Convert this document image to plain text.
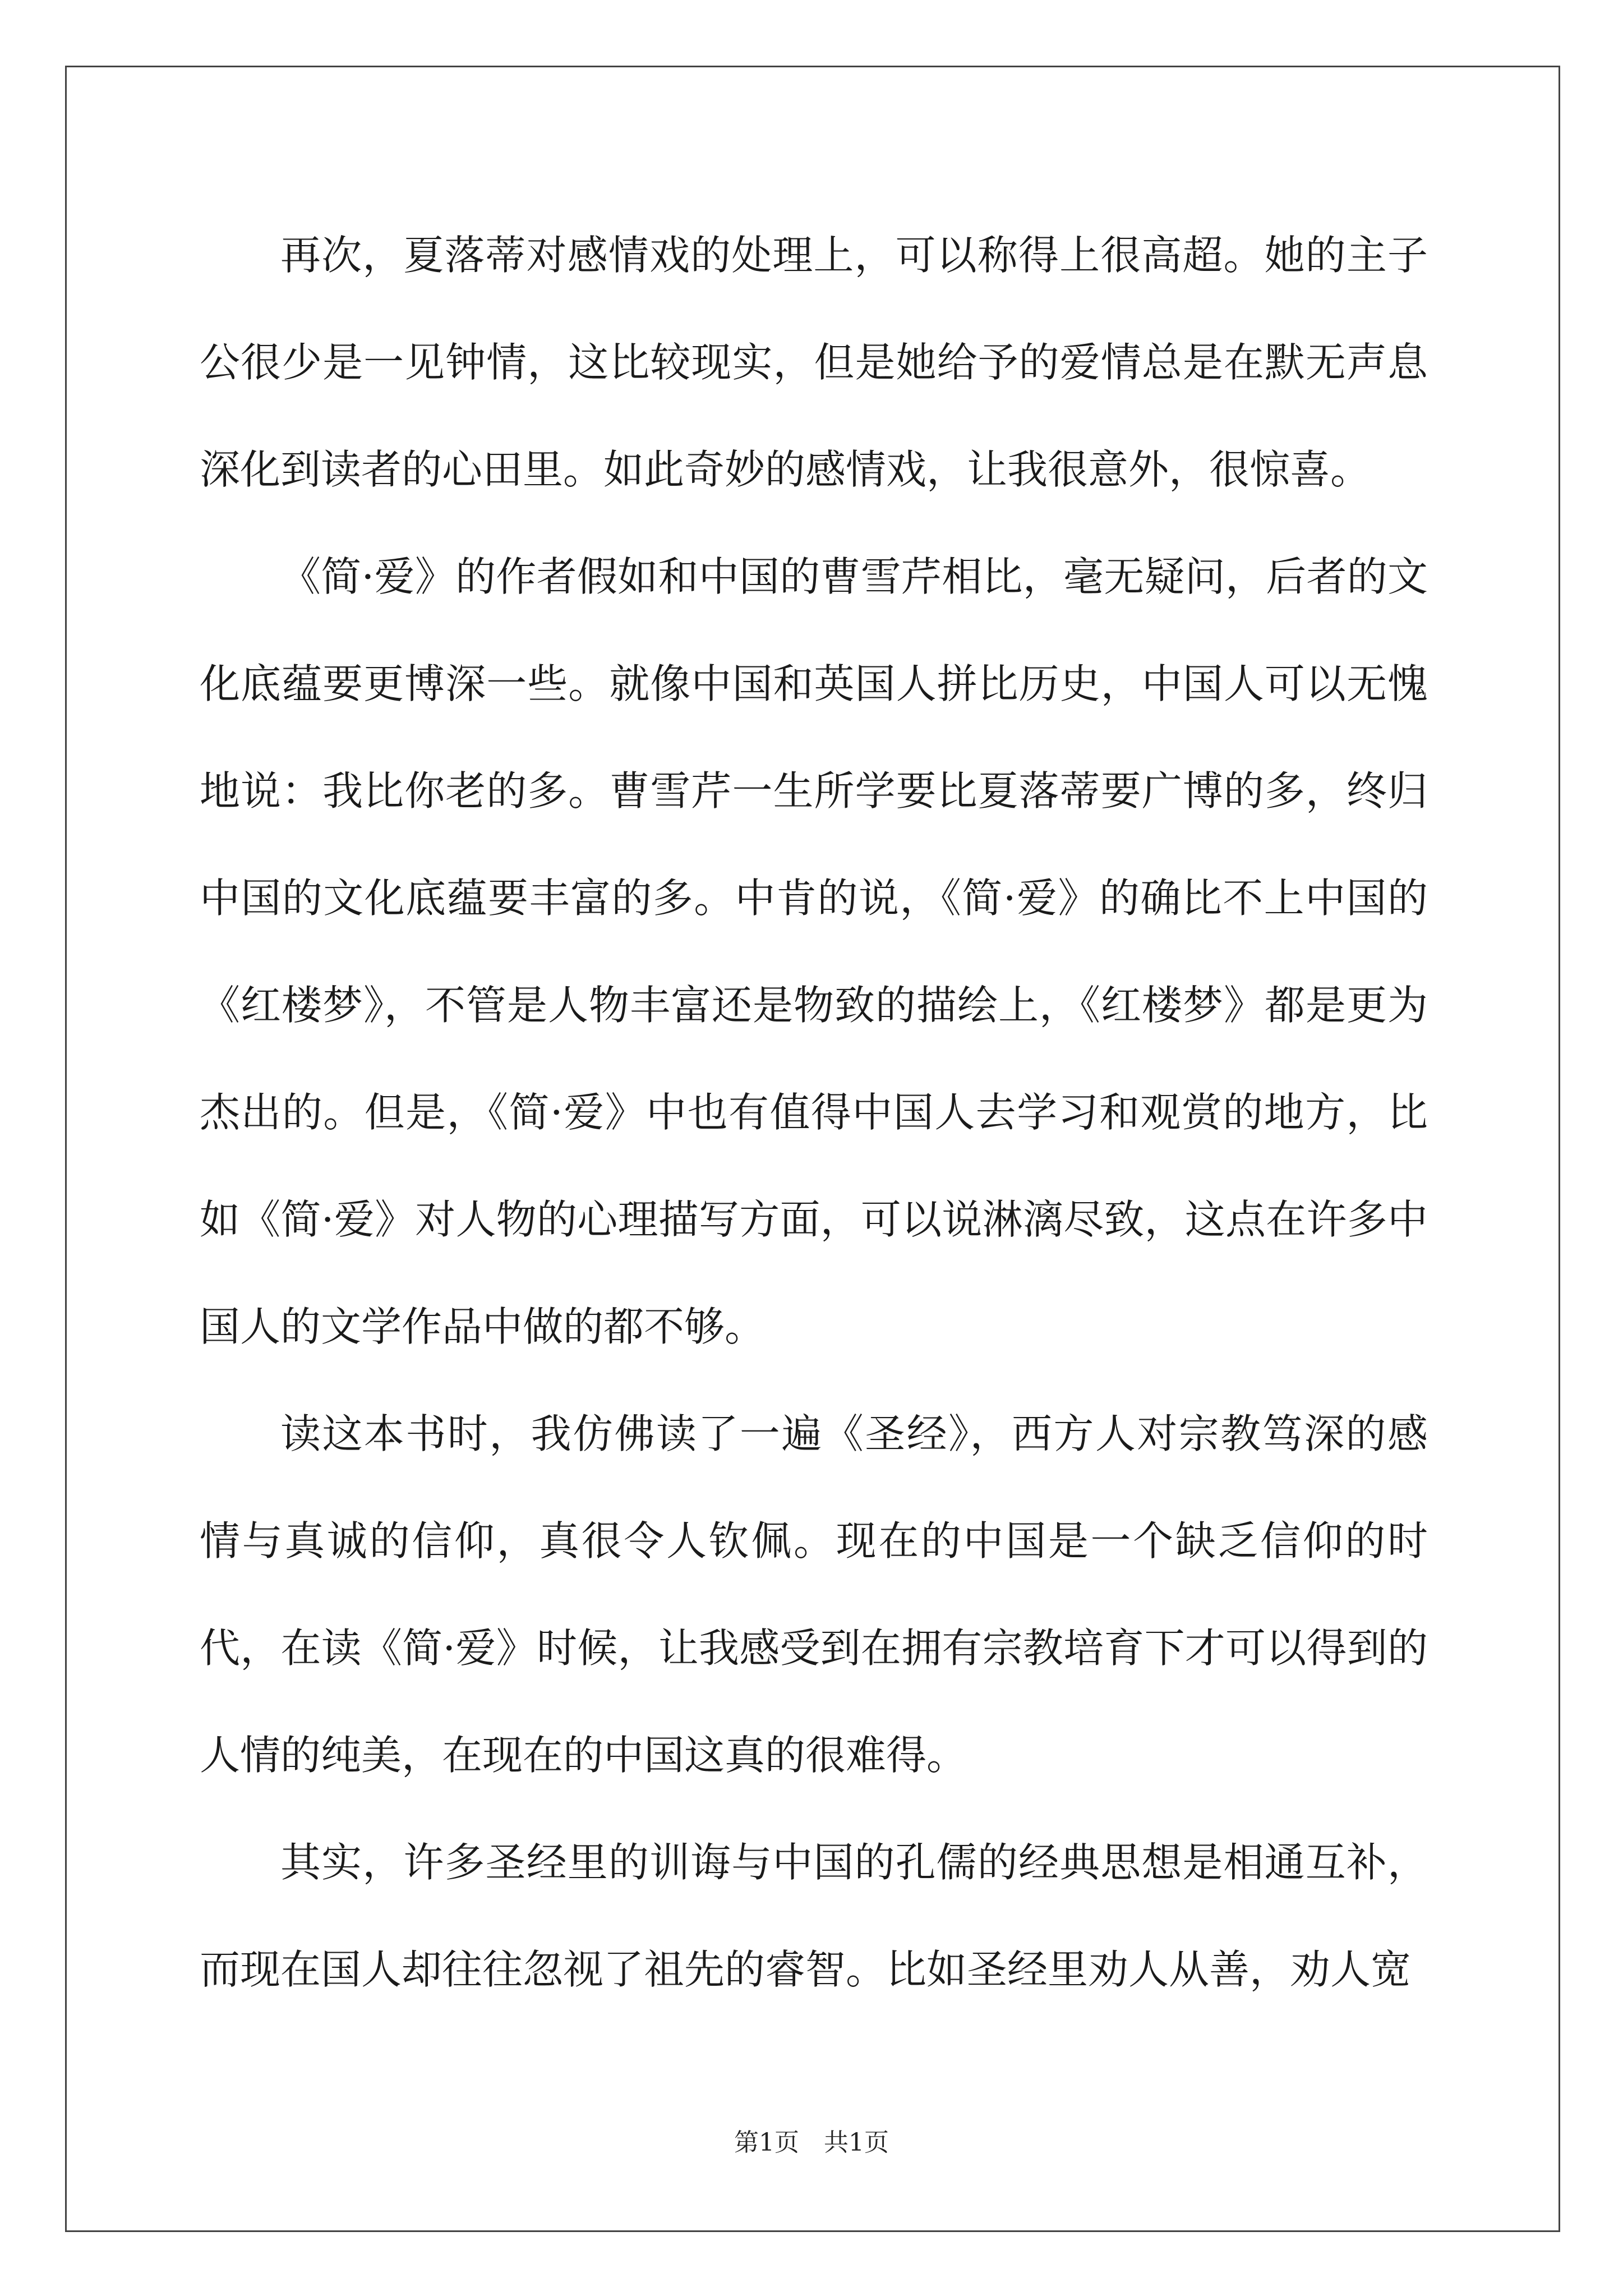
再次，夏落蒂对感情戏的处理上，可以称得上很高超。她的主子公很少是一见钟情，这比较现实，但是她给予的爱情总是在默无声息深化到读者的心田里。如此奇妙的感情戏，让我很意外，很惊喜。

《简·爱》的作者假如和中国的曹雪芹相比，毫无疑问，后者的文化底蕴要更博深一些。就像中国和英国人拼比历史，中国人可以无愧地说：我比你老的多。曹雪芹一生所学要比夏落蒂要广博的多，终归中国的文化底蕴要丰富的多。中肯的说，《简·爱》的确比不上中国的《红楼梦》，不管是人物丰富还是物致的描绘上，《红楼梦》都是更为杰出的。但是，《简·爱》中也有值得中国人去学习和观赏的地方，比如《简·爱》对人物的心理描写方面，可以说淋漓尽致，这点在许多中国人的文学作品中做的都不够。

读这本书时，我仿佛读了一遍《圣经》，西方人对宗教笃深的感情与真诚的信仰，真很令人钦佩。现在的中国是一个缺乏信仰的时代，在读《简·爱》时候，让我感受到在拥有宗教培育下才可以得到的人情的纯美，在现在的中国这真的很难得。

其实，许多圣经里的训诲与中国的孔儒的经典思想是相通互补，而现在国人却往往忽视了祖先的睿智。比如圣经里劝人从善，劝人宽

第1页 共1页
